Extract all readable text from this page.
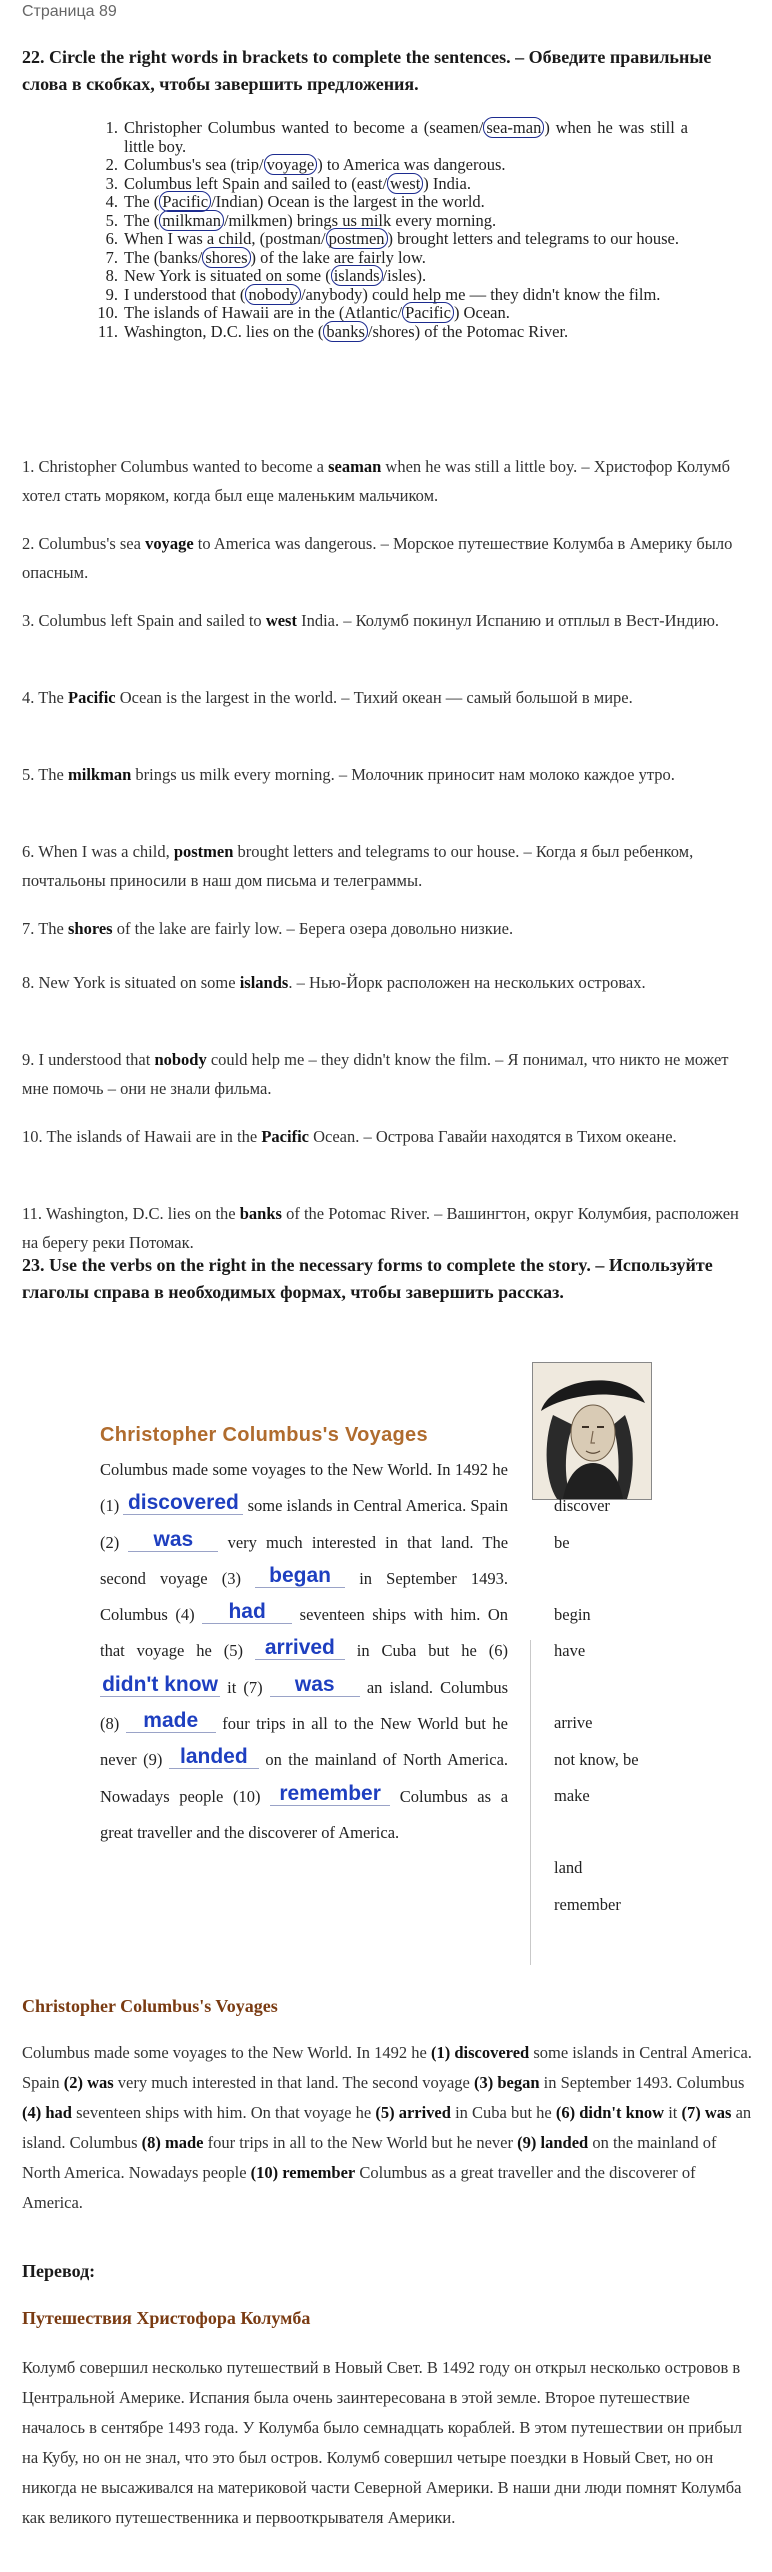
Страница 89
22. Circle the right words in brackets to complete the sentences. – Обведите правильные слова в скобках, чтобы завершить предложения.
1. Christopher Columbus wanted to become a (seamen/ sea-man ) when he was still a little boy.
2. Columbus's sea (trip/ voyage ) to America was dangerous.
3. Columbus left Spain and sailed to (east/ west ) India.
4. The ( Pacific /Indian) Ocean is the largest in the world.
5. The ( milkman /milkmen) brings us milk every morning.
6. When I was a child, (postman/ postmen ) brought letters and telegrams to our house.
7. The (banks/ shores ) of the lake are fairly low.
8. New York is situated on some ( islands /isles).
9. I understood that ( nobody /anybody) could help me — they didn't know the film.
10. The islands of Hawaii are in the (Atlantic/ Pacific ) Ocean.
11. Washington, D.C. lies on the ( banks /shores) of the Potomac River.
1. Christopher Columbus wanted to become a seaman when he was still a little boy. – Христофор Колумб хотел стать моряком, когда был еще маленьким мальчиком.
2. Columbus's sea voyage to America was dangerous. – Морское путешествие Колумба в Америку было опасным.
3. Columbus left Spain and sailed to west India. – Колумб покинул Испанию и отплыл в Вест-Индию.
4. The Pacific Ocean is the largest in the world. – Тихий океан — самый большой в мире.
5. The milkman brings us milk every morning. – Молочник приносит нам молоко каждое утро.
6. When I was a child, postmen brought letters and telegrams to our house. – Когда я был ребенком, почтальоны приносили в наш дом письма и телеграммы.
7. The shores of the lake are fairly low. – Берега озера довольно низкие.
8. New York is situated on some islands. – Нью-Йорк расположен на нескольких островах.
9. I understood that nobody could help me – they didn't know the film. – Я понимал, что никто не может мне помочь – они не знали фильма.
10. The islands of Hawaii are in the Pacific Ocean. – Острова Гавайи находятся в Тихом океане.
11. Washington, D.C. lies on the banks of the Potomac River. – Вашингтон, округ Колумбия, расположен на берегу реки Потомак.
23. Use the verbs on the right in the necessary forms to complete the story. – Используйте глаголы справа в необходимых формах, чтобы завершить рассказ.
Christopher Columbus's Voyages
Columbus made some voyages to the New World. In 1492 he (1) discovered some islands in Central America. Spain (2) was very much interested in that land. The second voyage (3) began in September 1493. Columbus (4) had seventeen ships with him. On that voyage he (5) arrived in Cuba but he (6) didn't know it (7) was an island. Columbus (8) made four trips in all to the New World but he never (9) landed on the mainland of North America. Nowadays people (10) remember Columbus as a great traveller and the discoverer of America.
discover
be
begin
have
arrive
not know, be
make
land
remember
Christopher Columbus's Voyages
Columbus made some voyages to the New World. In 1492 he (1) discovered some islands in Central America. Spain (2) was very much interested in that land. The second voyage (3) began in September 1493. Columbus (4) had seventeen ships with him. On that voyage he (5) arrived in Cuba but he (6) didn't know it (7) was an island. Columbus (8) made four trips in all to the New World but he never (9) landed on the mainland of North America. Nowadays people (10) remember Columbus as a great traveller and the discoverer of America.
Перевод:
Путешествия Христофора Колумба
Колумб совершил несколько путешествий в Новый Свет. В 1492 году он открыл несколько островов в Центральной Америке. Испания была очень заинтересована в этой земле. Второе путешествие началось в сентябре 1493 года. У Колумба было семнадцать кораблей. В этом путешествии он прибыл на Кубу, но он не знал, что это был остров. Колумб совершил четыре поездки в Новый Свет, но он никогда не высаживался на материковой части Северной Америки. В наши дни люди помнят Колумба как великого путешественника и первооткрывателя Америки.
